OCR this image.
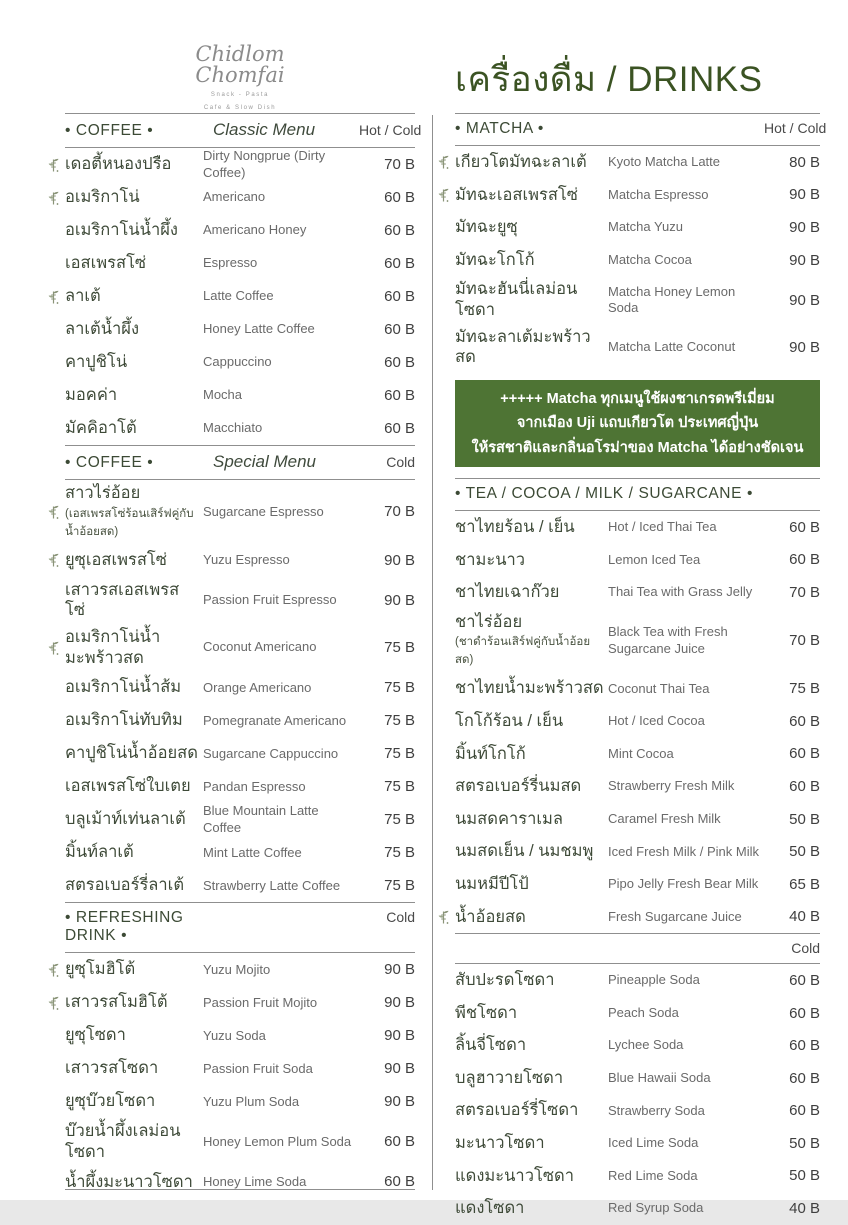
Chidlom
Chomfai
Snack - Pasta
Cafe & Slow Dish
เครื่องดื่ม / DRINKS
• COFFEE •	Classic Menu	Hot / Cold
เดอตี้หนองปรือ	Dirty Nongprue (Dirty Coffee)	70 B
อเมริกาโน่	Americano	60 B
อเมริกาโน่น้ำผึ้ง	Americano Honey	60 B
เอสเพรสโซ่	Espresso	60 B
ลาเต้	Latte Coffee	60 B
ลาเต้น้ำผึ้ง	Honey Latte Coffee	60 B
คาปูชิโน่	Cappuccino	60 B
มอคค่า	Mocha	60 B
มัคคิอาโต้	Macchiato	60 B
• COFFEE •	Special Menu	Cold
สาวไร่อ้อย
(เอสเพรสโซ่ร้อนเสิร์ฟคู่กับน้ำอ้อยสด)
Sugarcane Espresso	70 B
ยูซุเอสเพรสโซ่	Yuzu Espresso	90 B
เสาวรสเอสเพรสโซ่
Passion Fruit Espresso	90 B
อเมริกาโน่น้ำมะพร้าวสด
Coconut Americano	75 B
อเมริกาโน่น้ำส้ม	Orange Americano	75 B
อเมริกาโน่ทับทิม	Pomegranate Americano	75 B
คาปูชิโน่น้ำอ้อยสด Sugarcane Cappuccino	75 B
เอสเพรสโซ่ใบเตย Pandan Espresso	75 B
บลูเม้าท์เท่นลาเต้	Blue Mountain Latte Coffee	75 B
มิ้นท์ลาเต้	Mint Latte Coffee	75 B
สตรอเบอร์รี่ลาเต้	Strawberry Latte Coffee	75 B
• REFRESHING DRINK •
Cold
ยูซุโมฮิโต้	Yuzu Mojito	90 B
เสาวรสโมฮิโต้	Passion Fruit Mojito	90 B
ยูซุโซดา	Yuzu Soda	90 B
เสาวรสโซดา	Passion Fruit Soda	90 B
ยูซุบ๊วยโซดา	Yuzu Plum Soda	90 B
บ๊วยน้ำผึ้งเลม่อนโซดา
Honey Lemon Plum Soda	60 B
น้ำผึ้งมะนาวโซดา Honey Lime Soda	60 B
• MATCHA •	Hot / Cold
เกียวโตมัทฉะลาเต้	Kyoto Matcha Latte	80 B
มัทฉะเอสเพรสโซ่	Matcha Espresso	90 B
มัทฉะยูซุ	Matcha Yuzu	90 B
มัทฉะโกโก้	Matcha Cocoa	90 B
มัทฉะฮันนี่เลม่อนโซดา
Matcha Honey Lemon Soda	90 B
มัทฉะลาเต้มะพร้าวสด
Matcha Latte Coconut	90 B
+++++ Matcha ทุกเมนูใช้ผงชาเกรดพรีเมี่ยม
จากเมือง Uji แถบเกียวโต ประเทศญี่ปุ่น
ให้รสชาติและกลิ่นอโรม่าของ Matcha ได้อย่างชัดเจน
• TEA / COCOA / MILK / SUGARCANE •
ชาไทยร้อน / เย็น	Hot / Iced Thai Tea	60 B
ชามะนาว	Lemon Iced Tea	60 B
ชาไทยเฉาก๊วย	Thai Tea with Grass Jelly	70 B
ชาไร่อ้อย
(ชาดำร้อนเสิร์ฟคู่กับน้ำอ้อยสด)
Black Tea with Fresh Sugarcane Juice	70 B
ชาไทยน้ำมะพร้าวสด Coconut Thai Tea	75 B
โกโก้ร้อน / เย็น	Hot / Iced Cocoa	60 B
มิ้นท์โกโก้	Mint Cocoa	60 B
สตรอเบอร์รี่นมสด	Strawberry Fresh Milk	60 B
นมสดคาราเมล	Caramel Fresh Milk	50 B
นมสดเย็น / นมชมพู	Iced Fresh Milk / Pink Milk	50 B
นมหมีปีโป้	Pipo Jelly Fresh Bear Milk	65 B
น้ำอ้อยสด	Fresh Sugarcane Juice	40 B
Cold
สับปะรดโซดา	Pineapple Soda	60 B
พีชโซดา	Peach Soda	60 B
ลิ้นจี่โซดา	Lychee Soda	60 B
บลูฮาวายโซดา	Blue Hawaii Soda	60 B
สตรอเบอร์รี่โซดา	Strawberry Soda	60 B
มะนาวโซดา	Iced Lime Soda	50 B
แดงมะนาวโซดา	Red Lime Soda	50 B
แดงโซดา	Red Syrup Soda	40 B
